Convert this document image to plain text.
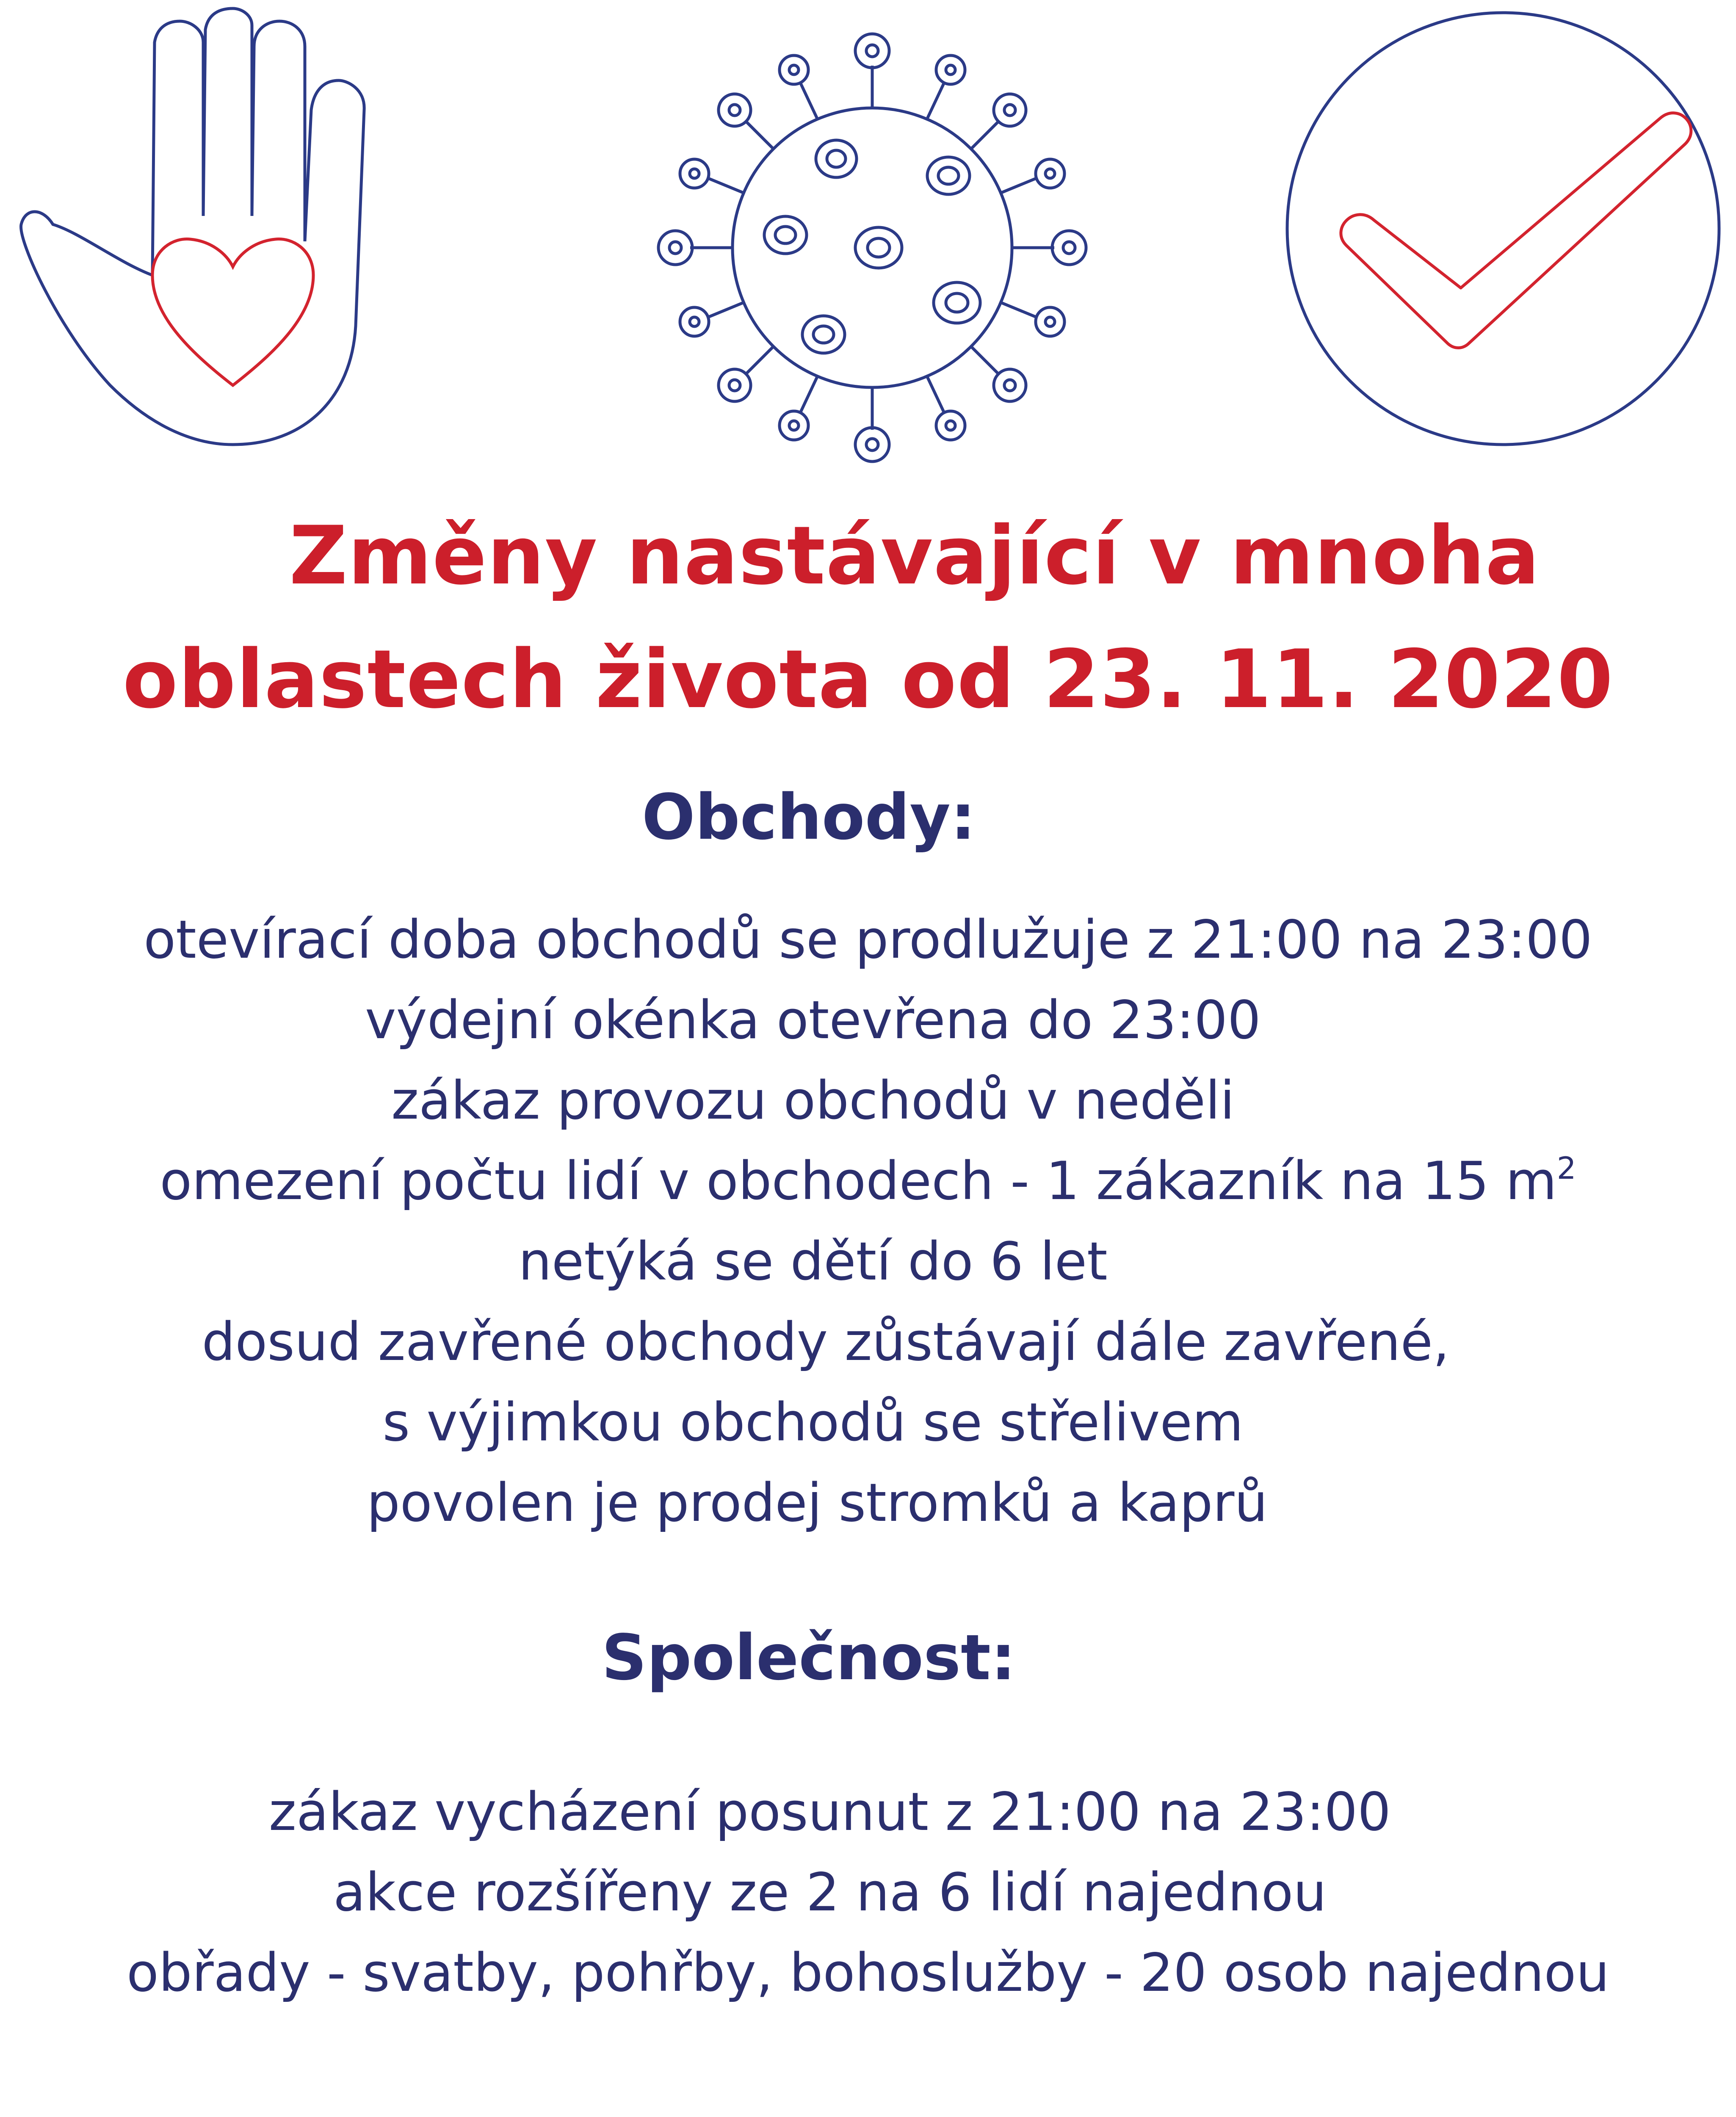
Změny nastávající v mnoha
oblastech života od 23. 11. 2020
Obchody:
otevírací doba obchodů se prodlužuje z 21:00 na 23:00
výdejní okénka otevřena do 23:00
zákaz provozu obchodů v neděli
omezení počtu lidí v obchodech - 1 zákazník na 15 $m^2$
netýká se dětí do 6 let
dosud zavřené obchody zůstávají dále zavřené,
s výjimkou obchodů se střelivem
povolen je prodej stromků a kaprů
Společnost:
zákaz vycházení posunut z 21:00 na 23:00
akce rozšířeny ze 2 na 6 lidí najednou
obřady - svatby, pohřby, bohoslužby - 20 osob najednou
